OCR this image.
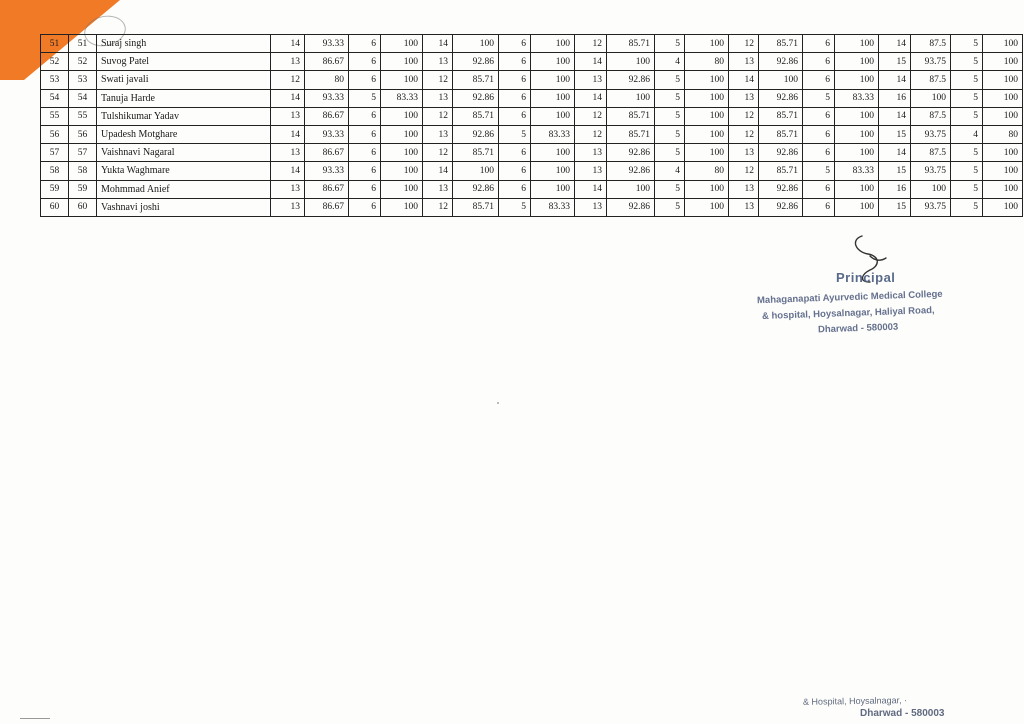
51	51	Suraj singh	14	93.33	6	100	14	100	6	100	12	85.71	5	100	12	85.71	6	100	14	87.5	5	100
52	52	Suvog Patel	13	86.67	6	100	13	92.86	6	100	14	100	4	80	13	92.86	6	100	15	93.75	5	100
53	53	Swati javali	12	80	6	100	12	85.71	6	100	13	92.86	5	100	14	100	6	100	14	87.5	5	100
54	54	Tanuja Harde	14	93.33	5	83.33	13	92.86	6	100	14	100	5	100	13	92.86	5	83.33	16	100	5	100
55	55	Tulshikumar Yadav	13	86.67	6	100	12	85.71	6	100	12	85.71	5	100	12	85.71	6	100	14	87.5	5	100
56	56	Upadesh Motghare	14	93.33	6	100	13	92.86	5	83.33	12	85.71	5	100	12	85.71	6	100	15	93.75	4	80
57	57	Vaishnavi Nagaral	13	86.67	6	100	12	85.71	6	100	13	92.86	5	100	13	92.86	6	100	14	87.5	5	100
58	58	Yukta Waghmare	14	93.33	6	100	14	100	6	100	13	92.86	4	80	12	85.71	5	83.33	15	93.75	5	100
59	59	Mohmmad Anief	13	86.67	6	100	13	92.86	6	100	14	100	5	100	13	92.86	6	100	16	100	5	100
60	60	Vashnavi joshi	13	86.67	6	100	12	85.71	5	83.33	13	92.86	5	100	13	92.86	6	100	15	93.75	5	100
Principal
Mahaganapati Ayurvedic Medical College
& hospital, Hoysalnagar, Haliyal Road,
Dharwad - 580003
& Hospital, Hoysalnagar, ·
Dharwad - 580003
